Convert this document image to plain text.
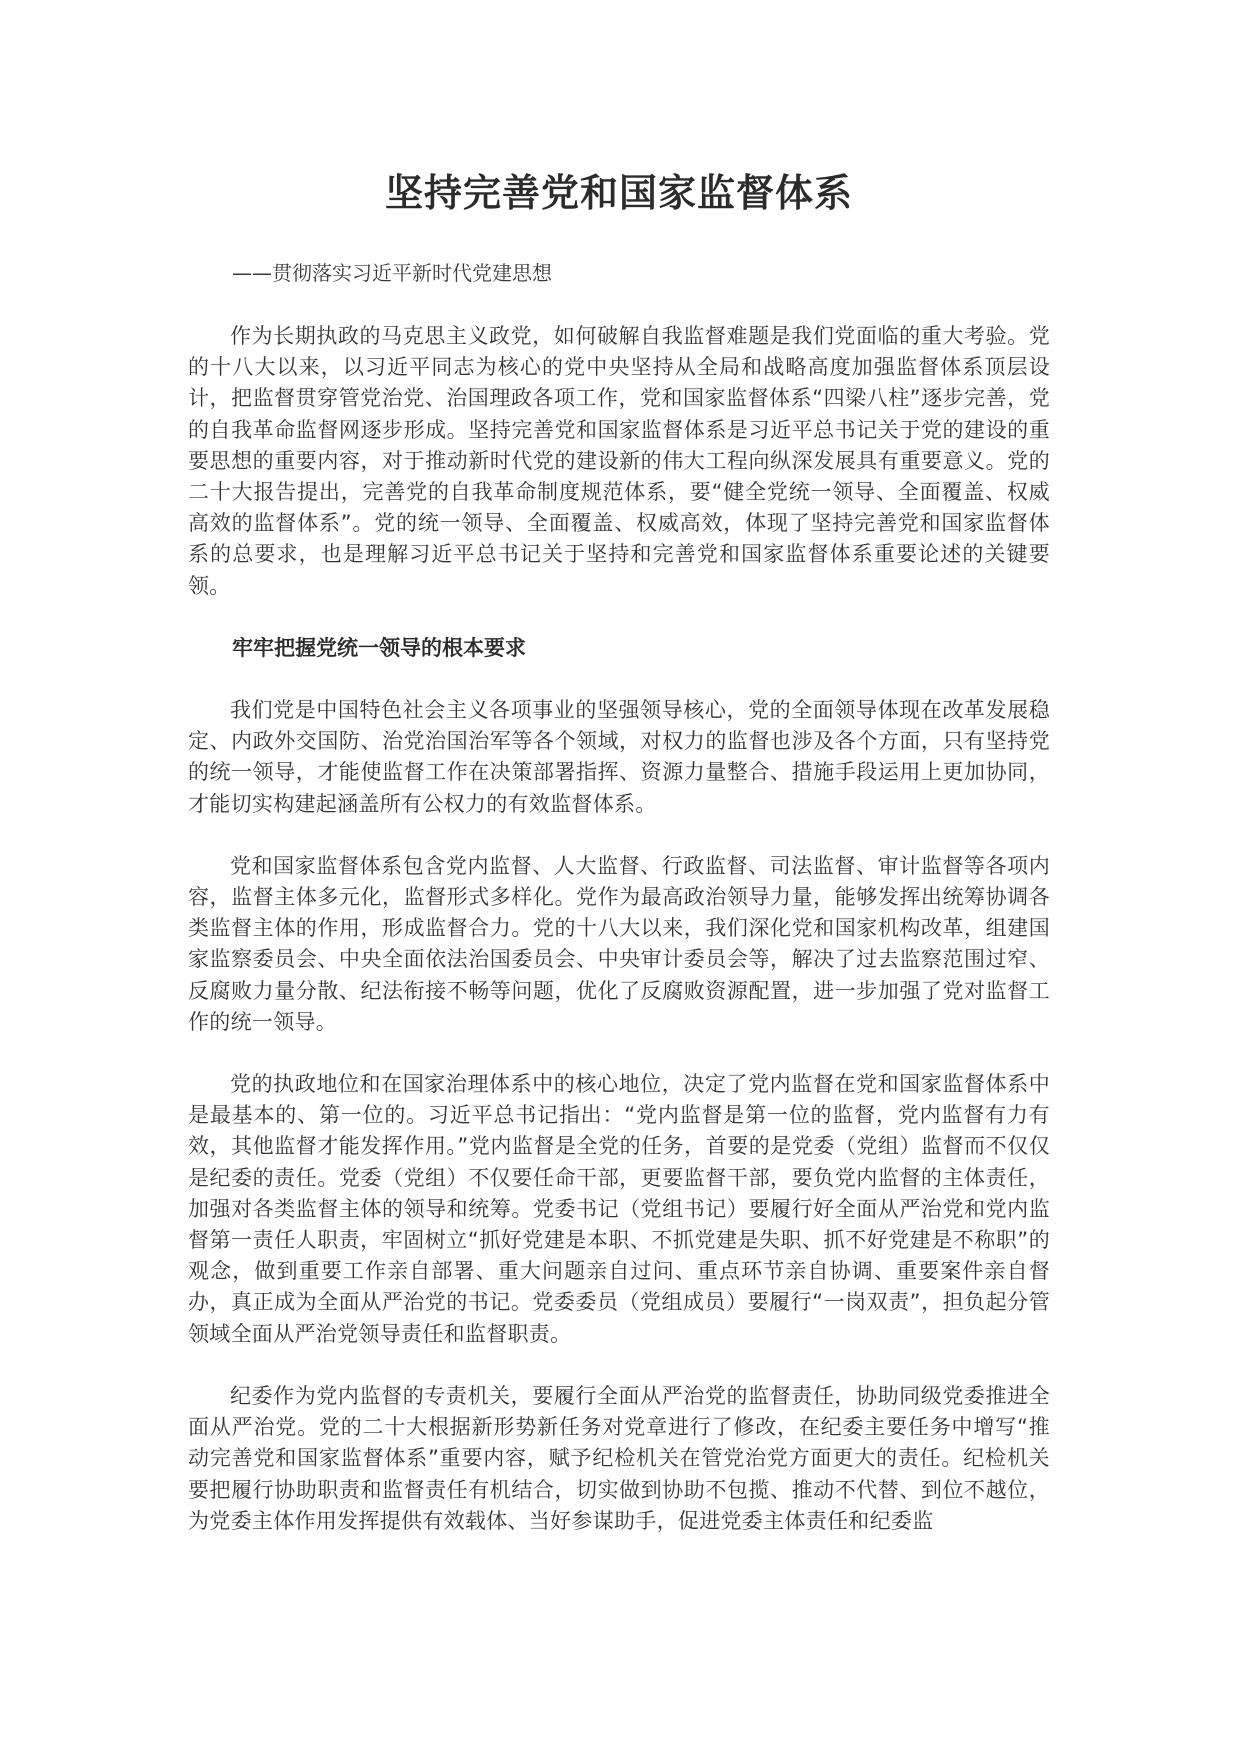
坚持完善党和国家监督体系

——贯彻落实习近平新时代党建思想

作为长期执政的马克思主义政党，如何破解自我监督难题是我们党面临的重大考验。党的十八大以来，以习近平同志为核心的党中央坚持从全局和战略高度加强监督体系顶层设计，把监督贯穿管党治党、治国理政各项工作，党和国家监督体系“四梁八柱”逐步完善，党的自我革命监督网逐步形成。坚持完善党和国家监督体系是习近平总书记关于党的建设的重要思想的重要内容，对于推动新时代党的建设新的伟大工程向纵深发展具有重要意义。党的二十大报告提出，完善党的自我革命制度规范体系，要“健全党统一领导、全面覆盖、权威高效的监督体系”。党的统一领导、全面覆盖、权威高效，体现了坚持完善党和国家监督体系的总要求，也是理解习近平总书记关于坚持和完善党和国家监督体系重要论述的关键要领。

牢牢把握党统一领导的根本要求

我们党是中国特色社会主义各项事业的坚强领导核心，党的全面领导体现在改革发展稳定、内政外交国防、治党治国治军等各个领域，对权力的监督也涉及各个方面，只有坚持党的统一领导，才能使监督工作在决策部署指挥、资源力量整合、措施手段运用上更加协同，才能切实构建起涵盖所有公权力的有效监督体系。

党和国家监督体系包含党内监督、人大监督、行政监督、司法监督、审计监督等各项内容，监督主体多元化，监督形式多样化。党作为最高政治领导力量，能够发挥出统筹协调各类监督主体的作用，形成监督合力。党的十八大以来，我们深化党和国家机构改革，组建国家监察委员会、中央全面依法治国委员会、中央审计委员会等，解决了过去监察范围过窄、反腐败力量分散、纪法衔接不畅等问题，优化了反腐败资源配置，进一步加强了党对监督工作的统一领导。

党的执政地位和在国家治理体系中的核心地位，决定了党内监督在党和国家监督体系中是最基本的、第一位的。习近平总书记指出：“党内监督是第一位的监督，党内监督有力有效，其他监督才能发挥作用。”党内监督是全党的任务，首要的是党委（党组）监督而不仅仅是纪委的责任。党委（党组）不仅要任命干部，更要监督干部，要负党内监督的主体责任，加强对各类监督主体的领导和统筹。党委书记（党组书记）要履行好全面从严治党和党内监督第一责任人职责，牢固树立“抓好党建是本职、不抓党建是失职、抓不好党建是不称职”的观念，做到重要工作亲自部署、重大问题亲自过问、重点环节亲自协调、重要案件亲自督办，真正成为全面从严治党的书记。党委委员（党组成员）要履行“一岗双责”，担负起分管领域全面从严治党领导责任和监督职责。

纪委作为党内监督的专责机关，要履行全面从严治党的监督责任，协助同级党委推进全面从严治党。党的二十大根据新形势新任务对党章进行了修改，在纪委主要任务中增写“推动完善党和国家监督体系”重要内容，赋予纪检机关在管党治党方面更大的责任。纪检机关要把履行协助职责和监督责任有机结合，切实做到协助不包揽、推动不代替、到位不越位，为党委主体作用发挥提供有效载体、当好参谋助手，促进党委主体责任和纪委监
